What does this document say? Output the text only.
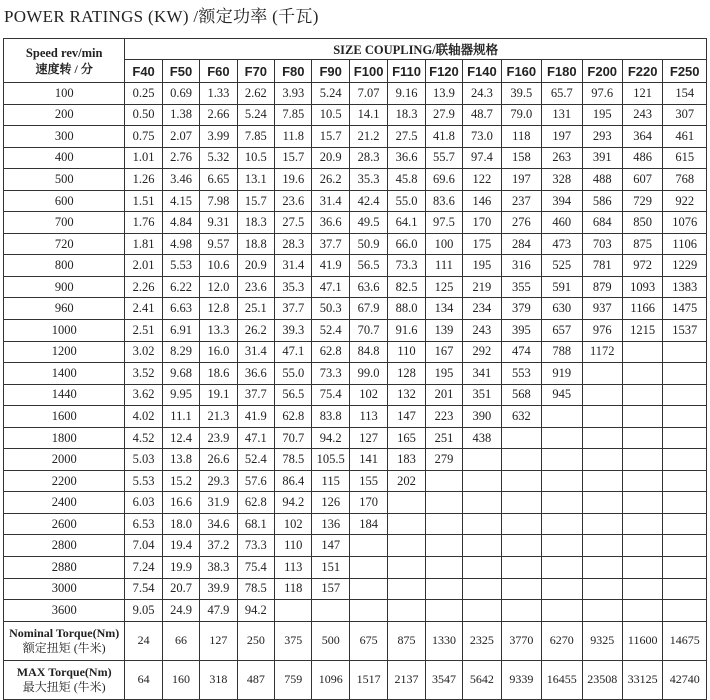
POWER RATINGS (KW) /额定功率 (千瓦)
Speed rev/min
速度转 / 分	SIZE COUPLING/联轴器规格														
	F40	F50	F60	F70	F80	F90	F100	F110	F120	F140	F160	F180	F200	F220	F250
100	0.25	0.69	1.33	2.62	3.93	5.24	7.07	9.16	13.9	24.3	39.5	65.7	97.6	121	154
200	0.50	1.38	2.66	5.24	7.85	10.5	14.1	18.3	27.9	48.7	79.0	131	195	243	307
300	0.75	2.07	3.99	7.85	11.8	15.7	21.2	27.5	41.8	73.0	118	197	293	364	461
400	1.01	2.76	5.32	10.5	15.7	20.9	28.3	36.6	55.7	97.4	158	263	391	486	615
500	1.26	3.46	6.65	13.1	19.6	26.2	35.3	45.8	69.6	122	197	328	488	607	768
600	1.51	4.15	7.98	15.7	23.6	31.4	42.4	55.0	83.6	146	237	394	586	729	922
700	1.76	4.84	9.31	18.3	27.5	36.6	49.5	64.1	97.5	170	276	460	684	850	1076
720	1.81	4.98	9.57	18.8	28.3	37.7	50.9	66.0	100	175	284	473	703	875	1106
800	2.01	5.53	10.6	20.9	31.4	41.9	56.5	73.3	111	195	316	525	781	972	1229
900	2.26	6.22	12.0	23.6	35.3	47.1	63.6	82.5	125	219	355	591	879	1093	1383
960	2.41	6.63	12.8	25.1	37.7	50.3	67.9	88.0	134	234	379	630	937	1166	1475
1000	2.51	6.91	13.3	26.2	39.3	52.4	70.7	91.6	139	243	395	657	976	1215	1537
1200	3.02	8.29	16.0	31.4	47.1	62.8	84.8	110	167	292	474	788	1172		
1400	3.52	9.68	18.6	36.6	55.0	73.3	99.0	128	195	341	553	919			
1440	3.62	9.95	19.1	37.7	56.5	75.4	102	132	201	351	568	945			
1600	4.02	11.1	21.3	41.9	62.8	83.8	113	147	223	390	632				
1800	4.52	12.4	23.9	47.1	70.7	94.2	127	165	251	438					
2000	5.03	13.8	26.6	52.4	78.5	105.5	141	183	279						
2200	5.53	15.2	29.3	57.6	86.4	115	155	202							
2400	6.03	16.6	31.9	62.8	94.2	126	170								
2600	6.53	18.0	34.6	68.1	102	136	184								
2800	7.04	19.4	37.2	73.3	110	147									
2880	7.24	19.9	38.3	75.4	113	151									
3000	7.54	20.7	39.9	78.5	118	157									
3600	9.05	24.9	47.9	94.2											

Nominal Torque(Nm)
额定扭矩 (牛米)	24	66	127	250	375	500	675	875	1330	2325	3770	6270	9325	11600	14675

MAX Torque(Nm)
最大扭矩 (牛米)	64	160	318	487	759	1096	1517	2137	3547	5642	9339	16455	23508	33125	42740
